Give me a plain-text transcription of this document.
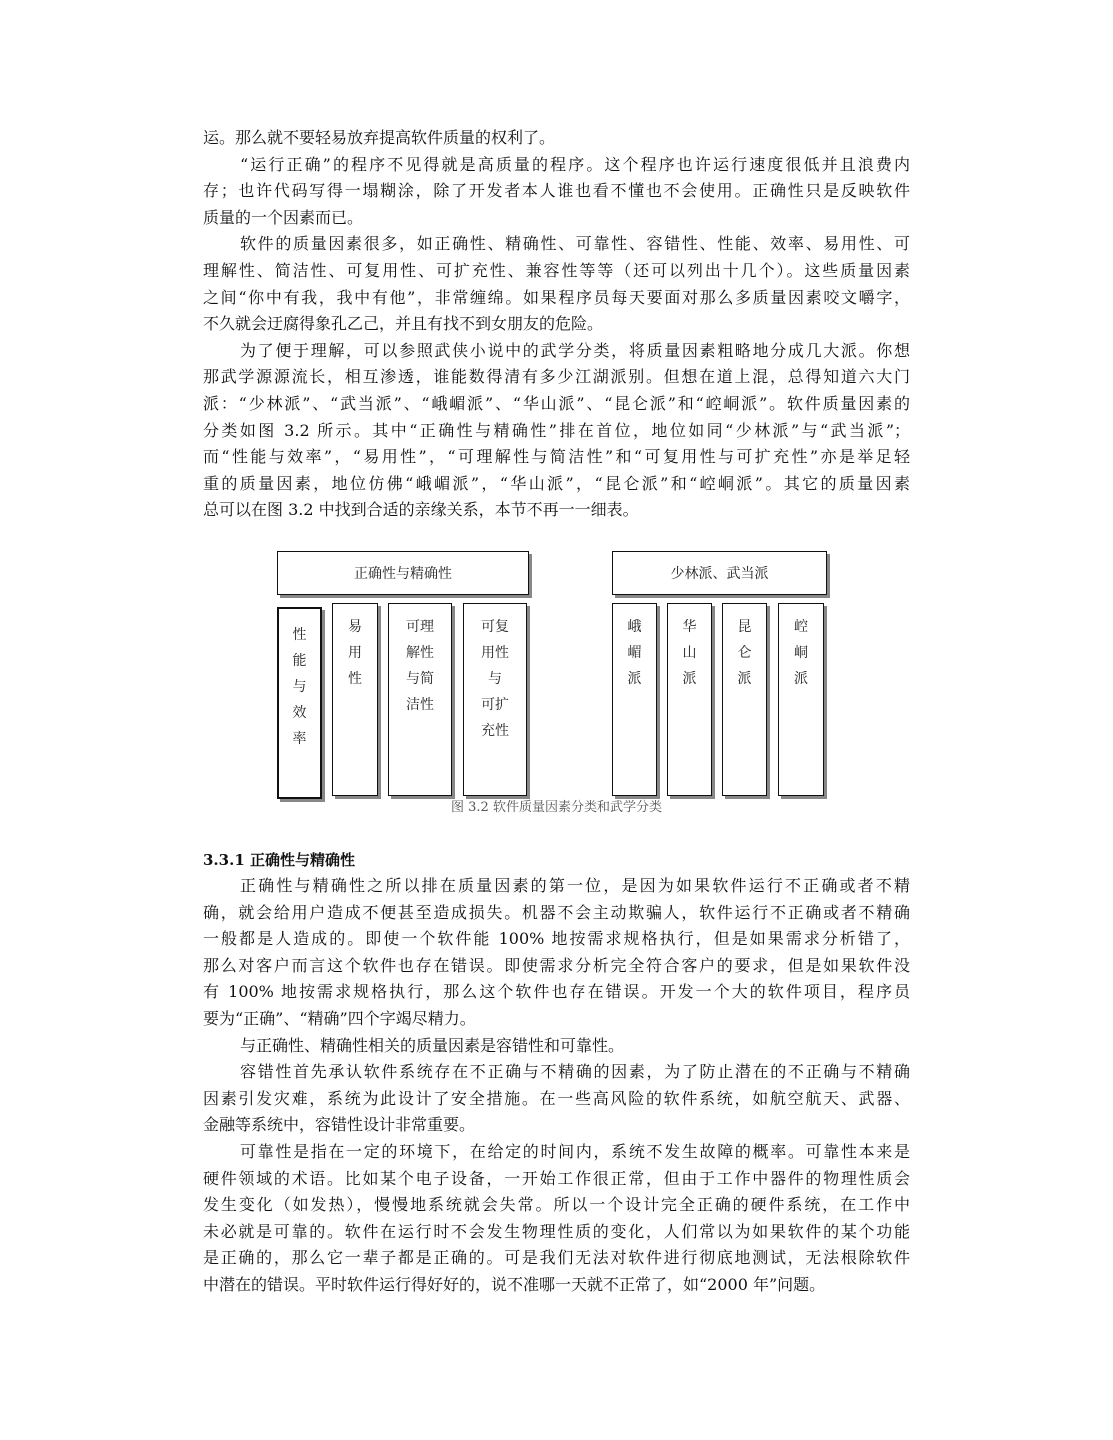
运。那么就不要轻易放弃提高软件质量的权利了。
“运行正确”的程序不见得就是高质量的程序。这个程序也许运行速度很低并且浪费内
存；也许代码写得一塌糊涂，除了开发者本人谁也看不懂也不会使用。正确性只是反映软件
质量的一个因素而已。
软件的质量因素很多，如正确性、精确性、可靠性、容错性、性能、效率、易用性、可
理解性、简洁性、可复用性、可扩充性、兼容性等等（还可以列出十几个）。这些质量因素
之间“你中有我，我中有他”，非常缠绵。如果程序员每天要面对那么多质量因素咬文嚼字，
不久就会迂腐得象孔乙己，并且有找不到女朋友的危险。
为了便于理解，可以参照武侠小说中的武学分类，将质量因素粗略地分成几大派。你想
那武学源源流长，相互渗透，谁能数得清有多少江湖派别。但想在道上混，总得知道六大门
派：“少林派”、“武当派”、“峨嵋派”、“华山派”、“昆仑派”和“崆峒派”。软件质量因素的
分类如图 3.2 所示。其中“正确性与精确性”排在首位，地位如同“少林派”与“武当派”；
而“性能与效率”，“易用性”，“可理解性与简洁性”和“可复用性与可扩充性”亦是举足轻
重的质量因素，地位仿佛“峨嵋派”，“华山派”，“昆仑派”和“崆峒派”。其它的质量因素
总可以在图 3.2 中找到合适的亲缘关系，本节不再一一细表。
正确性与精确性	少林派、武当派
性
能
与
效
率
易
用
性
可理
解性
与简
洁性
可复
用性
与
可扩
充性
峨
嵋
派
华
山
派
昆
仑
派
崆
峒
派
图 3.2 软件质量因素分类和武学分类
3.3.1 正确性与精确性
正确性与精确性之所以排在质量因素的第一位，是因为如果软件运行不正确或者不精
确，就会给用户造成不便甚至造成损失。机器不会主动欺骗人，软件运行不正确或者不精确
一般都是人造成的。即使一个软件能 100% 地按需求规格执行，但是如果需求分析错了，
那么对客户而言这个软件也存在错误。即使需求分析完全符合客户的要求，但是如果软件没
有 100% 地按需求规格执行，那么这个软件也存在错误。开发一个大的软件项目，程序员
要为“正确”、“精确”四个字竭尽精力。
与正确性、精确性相关的质量因素是容错性和可靠性。
容错性首先承认软件系统存在不正确与不精确的因素，为了防止潜在的不正确与不精确
因素引发灾难，系统为此设计了安全措施。在一些高风险的软件系统，如航空航天、武器、
金融等系统中，容错性设计非常重要。
可靠性是指在一定的环境下，在给定的时间内，系统不发生故障的概率。可靠性本来是
硬件领域的术语。比如某个电子设备，一开始工作很正常，但由于工作中器件的物理性质会
发生变化（如发热），慢慢地系统就会失常。所以一个设计完全正确的硬件系统，在工作中
未必就是可靠的。软件在运行时不会发生物理性质的变化，人们常以为如果软件的某个功能
是正确的，那么它一辈子都是正确的。可是我们无法对软件进行彻底地测试，无法根除软件
中潜在的错误。平时软件运行得好好的，说不准哪一天就不正常了，如“2000 年”问题。
